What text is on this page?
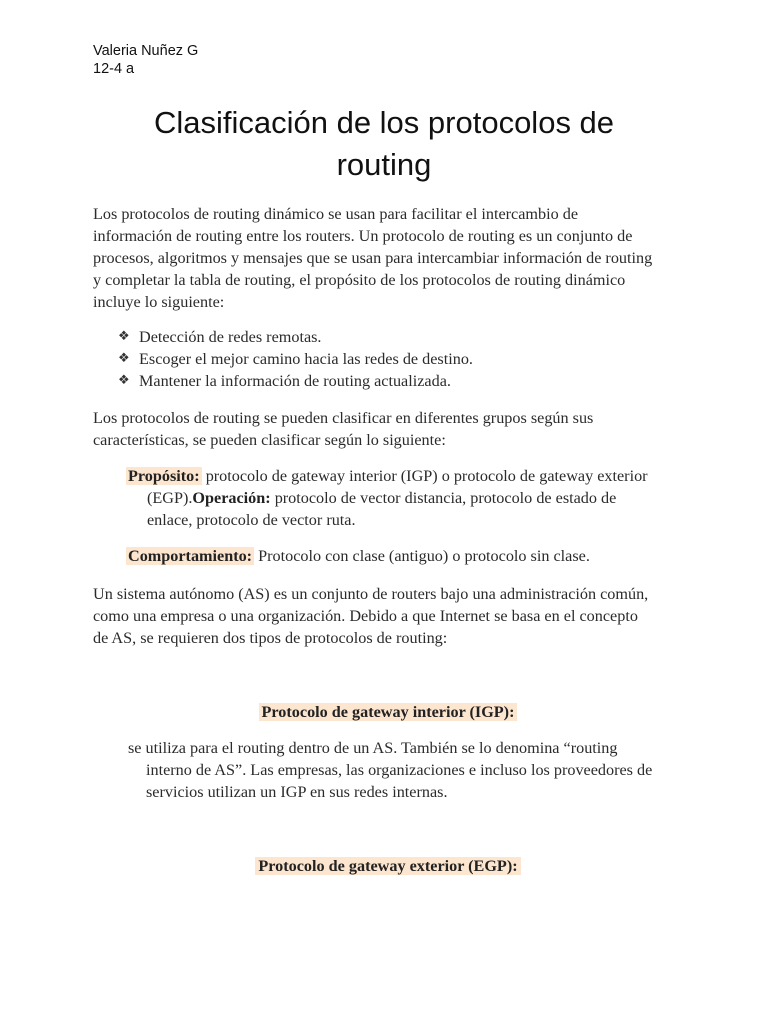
Valeria Nuñez G
12-4 a
Clasificación de los protocolos de
routing
Los protocolos de routing dinámico se usan para facilitar el intercambio de
información de routing entre los routers. Un protocolo de routing es un conjunto de
procesos, algoritmos y mensajes que se usan para intercambiar información de routing
y completar la tabla de routing, el propósito de los protocolos de routing dinámico
incluye lo siguiente:
❖ Detección de redes remotas.
❖ Escoger el mejor camino hacia las redes de destino.
❖ Mantener la información de routing actualizada.
Los protocolos de routing se pueden clasificar en diferentes grupos según sus
características, se pueden clasificar según lo siguiente:

Propósito: protocolo de gateway interior (IGP) o protocolo de gateway exterior
(EGP).Operación: protocolo de vector distancia, protocolo de estado de
enlace, protocolo de vector ruta.

Comportamiento: Protocolo con clase (antiguo) o protocolo sin clase.

Un sistema autónomo (AS) es un conjunto de routers bajo una administración común,
como una empresa o una organización. Debido a que Internet se basa en el concepto
de AS, se requieren dos tipos de protocolos de routing:

Protocolo de gateway interior (IGP):

se utiliza para el routing dentro de un AS. También se lo denomina “routing
interno de AS”. Las empresas, las organizaciones e incluso los proveedores de
servicios utilizan un IGP en sus redes internas.

Protocolo de gateway exterior (EGP):
